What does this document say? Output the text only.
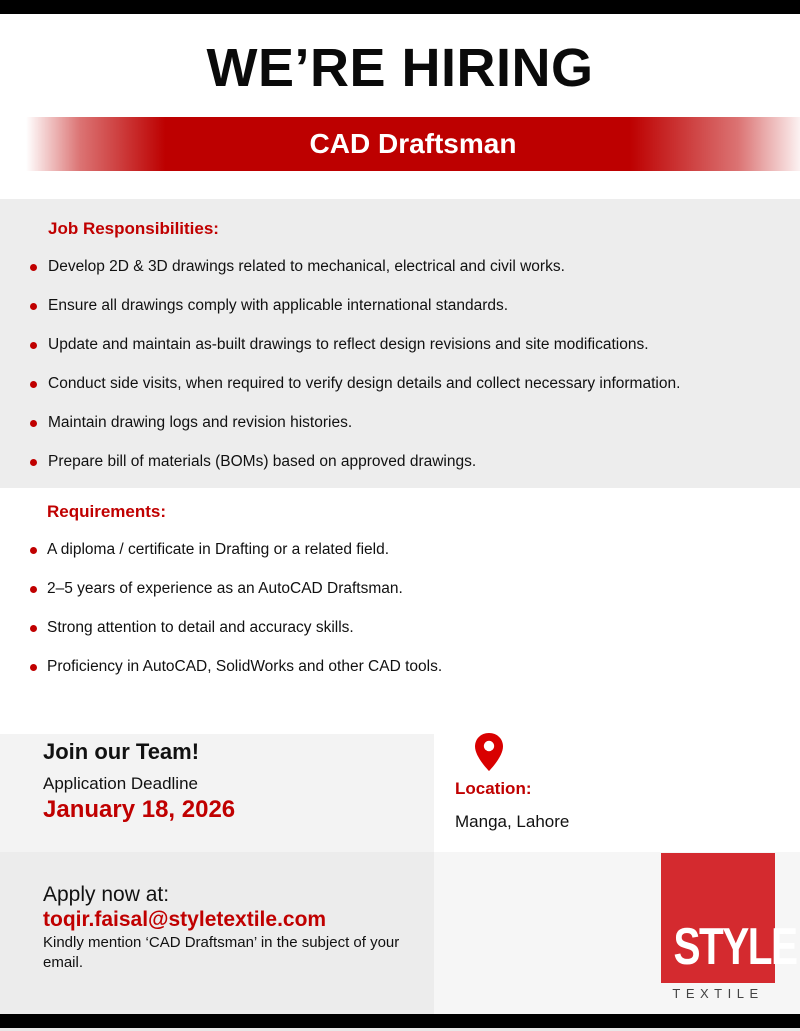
WE’RE HIRING
CAD Draftsman
Job Responsibilities:
Develop 2D & 3D drawings related to mechanical, electrical and civil works.
Ensure all drawings comply with applicable international standards.
Update and maintain as-built drawings to reflect design revisions and site modifications.
Conduct side visits, when required to verify design details and collect necessary information.
Maintain drawing logs and revision histories.
Prepare bill of materials (BOMs) based on approved drawings.
Requirements:
A diploma / certificate in Drafting or a related field.
2–5 years of experience as an AutoCAD Draftsman.
Strong attention to detail and accuracy skills.
Proficiency in AutoCAD, SolidWorks and other CAD tools.
Join our Team!
Application Deadline
January 18, 2026
Location:
Manga, Lahore
Apply now at:
toqir.faisal@styletextile.com
Kindly mention ‘CAD Draftsman’ in the subject of your email.	STYLE
TEXTILE
